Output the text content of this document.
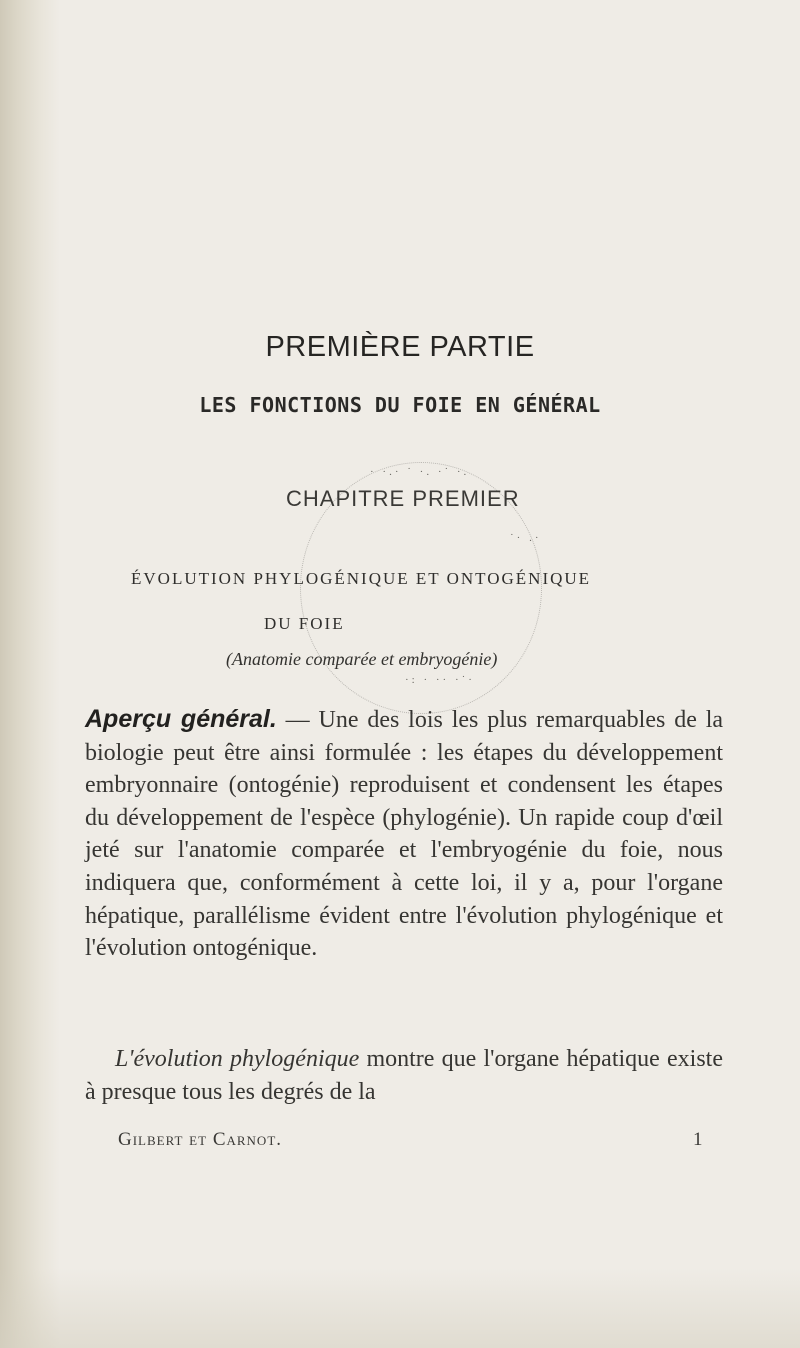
· ·.· ˙ ·. ·˙ ·.
˙· .·
·: · ·· ·˙·
PREMIÈRE PARTIE
LES FONCTIONS DU FOIE EN GÉNÉRAL
CHAPITRE PREMIER
ÉVOLUTION PHYLOGÉNIQUE ET ONTOGÉNIQUE
DU FOIE
(Anatomie comparée et embryogénie)
Aperçu général. — Une des lois les plus remarquables de la biologie peut être ainsi formulée : les étapes du développement embryonnaire (ontogénie) reproduisent et condensent les étapes du développement de l'espèce (phylogénie). Un rapide coup d'œil jeté sur l'anatomie comparée et l'embryogénie du foie, nous indiquera que, conformément à cette loi, il y a, pour l'organe hépatique, parallélisme évident entre l'évolution phylogénique et l'évolution ontogénique.
L'évolution phylogénique montre que l'organe hépatique existe à presque tous les degrés de la
Gilbert et Carnot.	1
